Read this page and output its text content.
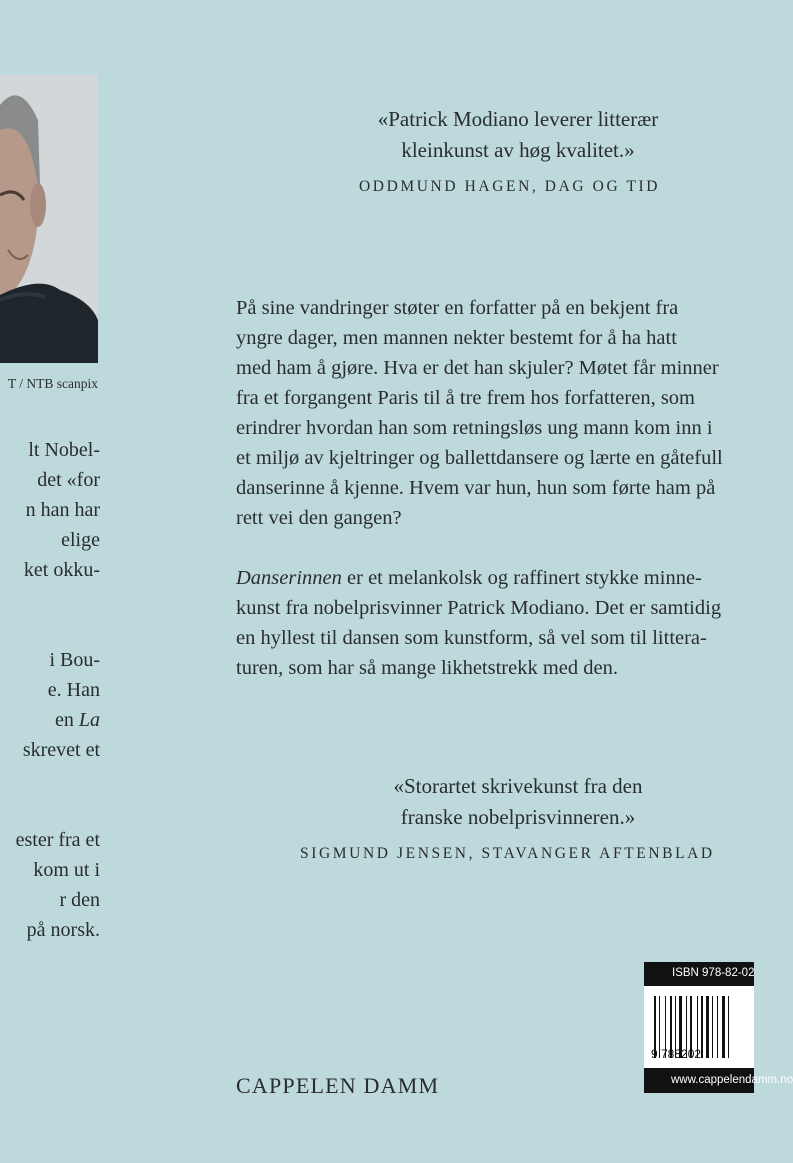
T / NTB scanpix
lt Nobel-
det «for
n han har
elige
ket okku-
i Bou-
e. Han
en La
skrevet et
ester fra et
kom ut i
r den
på norsk.
«Patrick Modiano leverer litterær
kleinkunst av høg kvalitet.»
ODDMUND HAGEN, DAG OG TID

På sine vandringer støter en forfatter på en bekjent fra
yngre dager, men mannen nekter bestemt for å ha hatt
med ham å gjøre. Hva er det han skjuler? Møtet får minner
fra et forgangent Paris til å tre frem hos forfatteren, som
erindrer hvordan han som retningsløs ung mann kom inn i
et miljø av kjeltringer og ballettdansere og lærte en gåtefull
danserinne å kjenne. Hvem var hun, hun som førte ham på
rett vei den gangen?

Danserinnen er et melankolsk og raffinert stykke minne-
kunst fra nobelprisvinner Patrick Modiano. Det er samtidig
en hyllest til dansen som kunstform, så vel som til littera-
turen, som har så mange likhetstrekk med den.

«Storartet skrivekunst fra den
franske nobelprisvinneren.»
SIGMUND JENSEN, STAVANGER AFTENBLAD
ISBN 978-82-02
9 788202
www.cappelendamm.no
CAPPELEN DAMM
